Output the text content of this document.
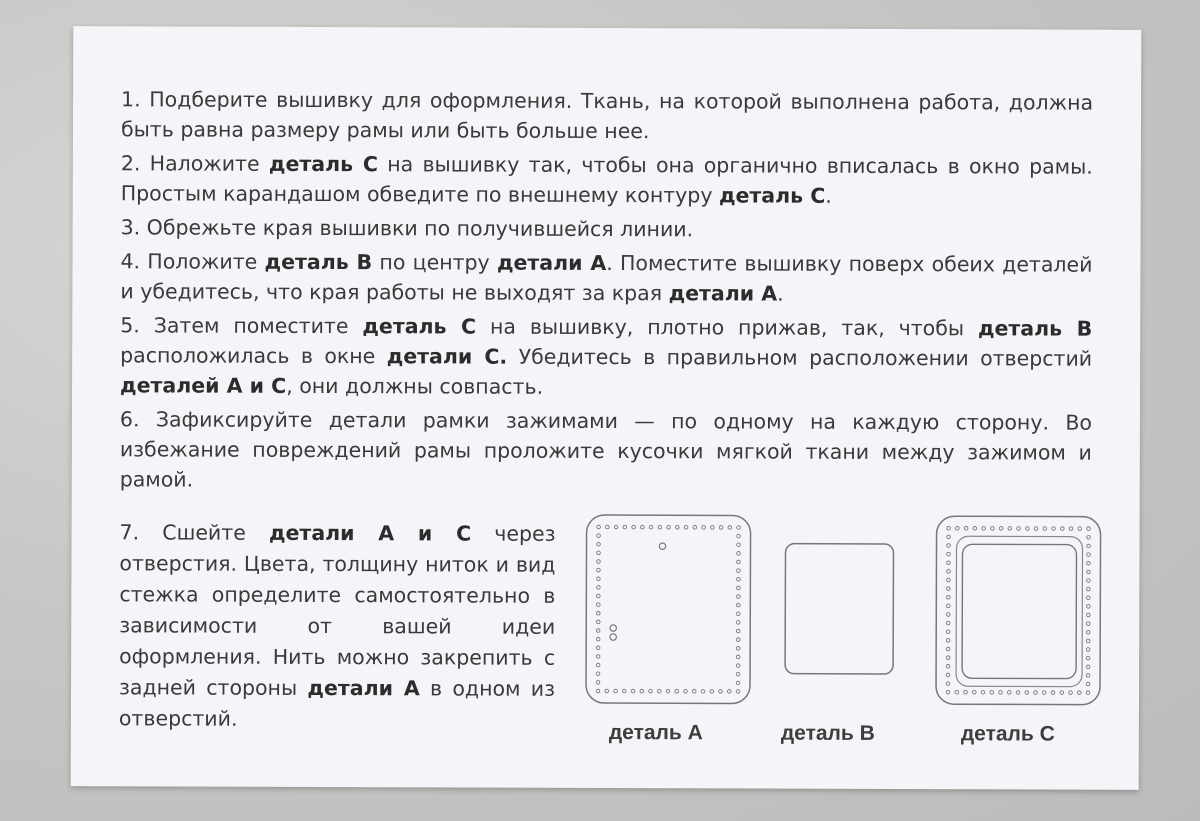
1. Подберите вышивку для оформления. Ткань, на которой выполнена работа, должна быть равна размеру рамы или быть больше нее.

2. Наложите деталь С на вышивку так, чтобы она органично вписалась в окно рамы. Простым карандашом обведите по внешнему контуру деталь С.

3. Обрежьте края вышивки по получившейся линии.

4. Положите деталь В по центру детали А. Поместите вышивку поверх обеих деталей и убедитесь, что края работы не выходят за края детали А.

5. Затем поместите деталь С на вышивку, плотно прижав, так, чтобы деталь В расположилась в окне детали С. Убедитесь в правильном расположении отверстий деталей А и С, они должны совпасть.

6. Зафиксируйте детали рамки зажимами — по одному на каждую сторону. Во избежание повреждений рамы проложите кусочки мягкой ткани между зажимом и рамой.

7. Сшейте детали А и С через отверстия. Цвета, толщину ниток и вид стежка определите самостоятельно в зависимости от вашей идеи оформления. Нить можно закрепить с задней стороны детали А в одном из отверстий.

деталь А	деталь В	деталь С
